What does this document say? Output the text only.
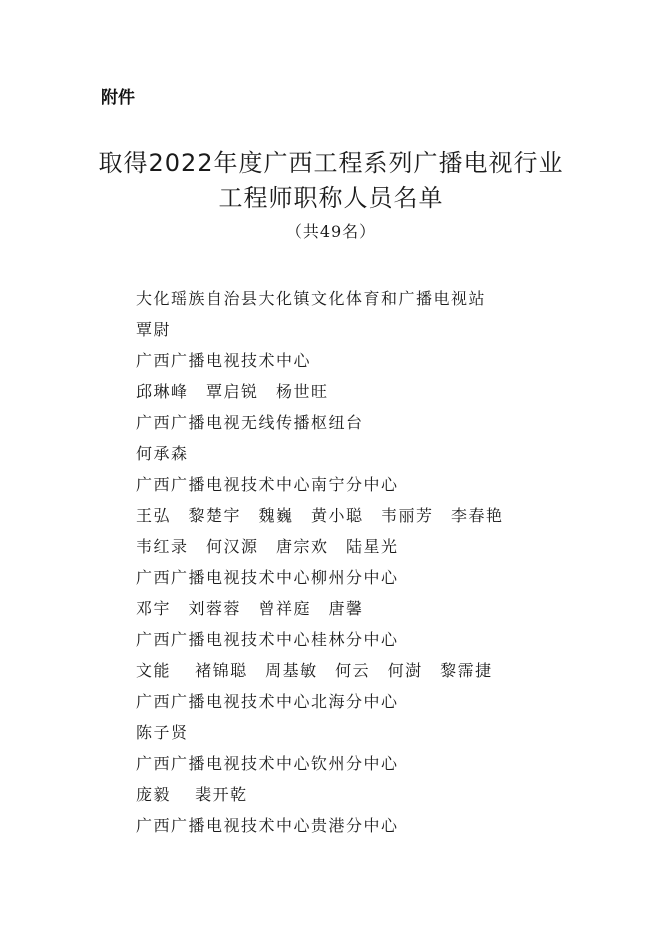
附件
取得2022年度广西工程系列广播电视行业
工程师职称人员名单
（共49名）
大化瑶族自治县大化镇文化体育和广播电视站
覃尉
广西广播电视技术中心
邱琳峰　覃启锐　杨世旺
广西广播电视无线传播枢纽台
何承森
广西广播电视技术中心南宁分中心
王弘　黎楚宇　魏巍　黄小聪　韦丽芳　李春艳
韦红录　何汉源　唐宗欢　陆星光
广西广播电视技术中心柳州分中心
邓宇　刘蓉蓉　曾祥庭　唐馨
广西广播电视技术中心桂林分中心
文能　 褚锦聪　周基敏　何云　何澍　黎霈捷
广西广播电视技术中心北海分中心
陈子贤
广西广播电视技术中心钦州分中心
庞毅　 裴开乾
广西广播电视技术中心贵港分中心
